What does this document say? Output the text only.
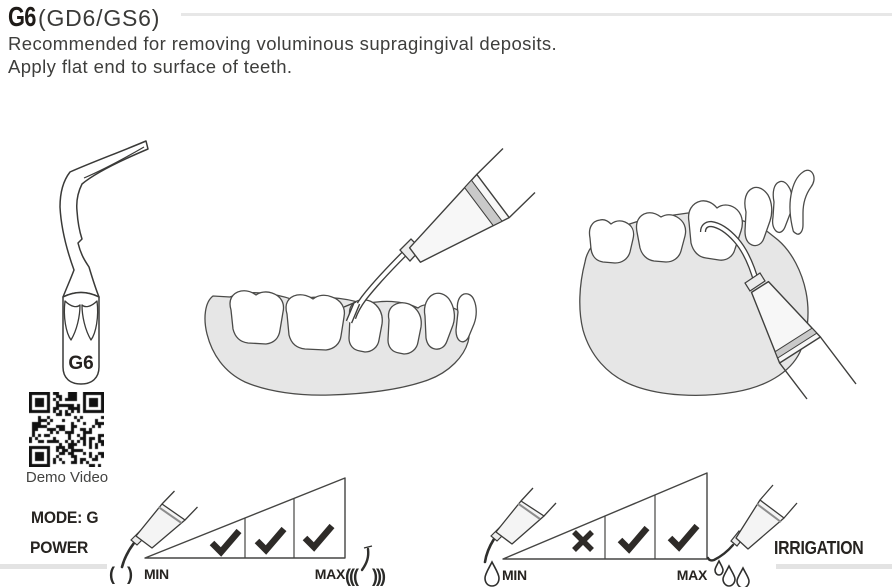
G6 (GD6/GS6)
Recommended for removing voluminous supragingival deposits.
Apply flat end to surface of teeth.
G6
Demo Video
MODE: G
POWER
( ) MIN	MAX ((( )))	MIN	MAX
IRRIGATION
